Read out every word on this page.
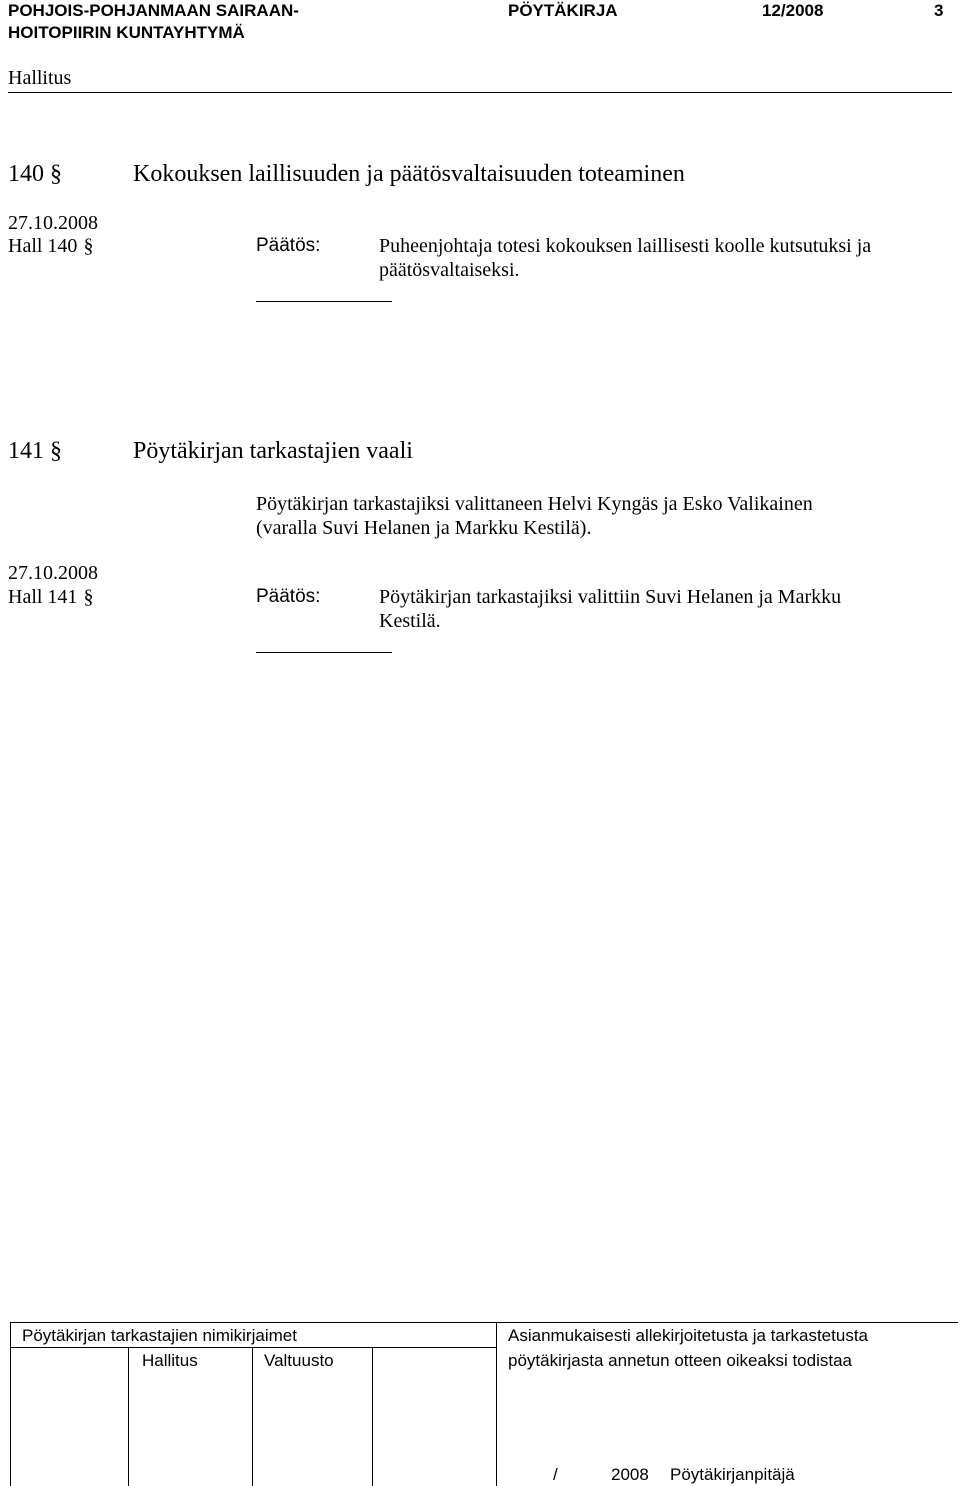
POHJOIS-POHJANMAAN SAIRAAN-
HOITOPIIRIN KUNTAYHTYMÄ
PÖYTÄKIRJA	12/2008	3
Hallitus
140 §	Kokouksen laillisuuden ja päätösvaltaisuuden toteaminen
27.10.2008
Hall 140 §	Päätös:	Puheenjohtaja totesi kokouksen laillisesti koolle kutsutuksi ja
päätösvaltaiseksi.
141 §	Pöytäkirjan tarkastajien vaali
Pöytäkirjan tarkastajiksi valittaneen Helvi Kyngäs ja Esko Valikainen
(varalla Suvi Helanen ja Markku Kestilä).
27.10.2008
Hall 141 §	Päätös:	Pöytäkirjan tarkastajiksi valittiin Suvi Helanen ja Markku
Kestilä.
Pöytäkirjan tarkastajien nimikirjaimet
Hallitus	Valtuusto
Asianmukaisesti allekirjoitetusta ja tarkastetusta
pöytäkirjasta annetun otteen oikeaksi todistaa
/	2008 Pöytäkirjanpitäjä
